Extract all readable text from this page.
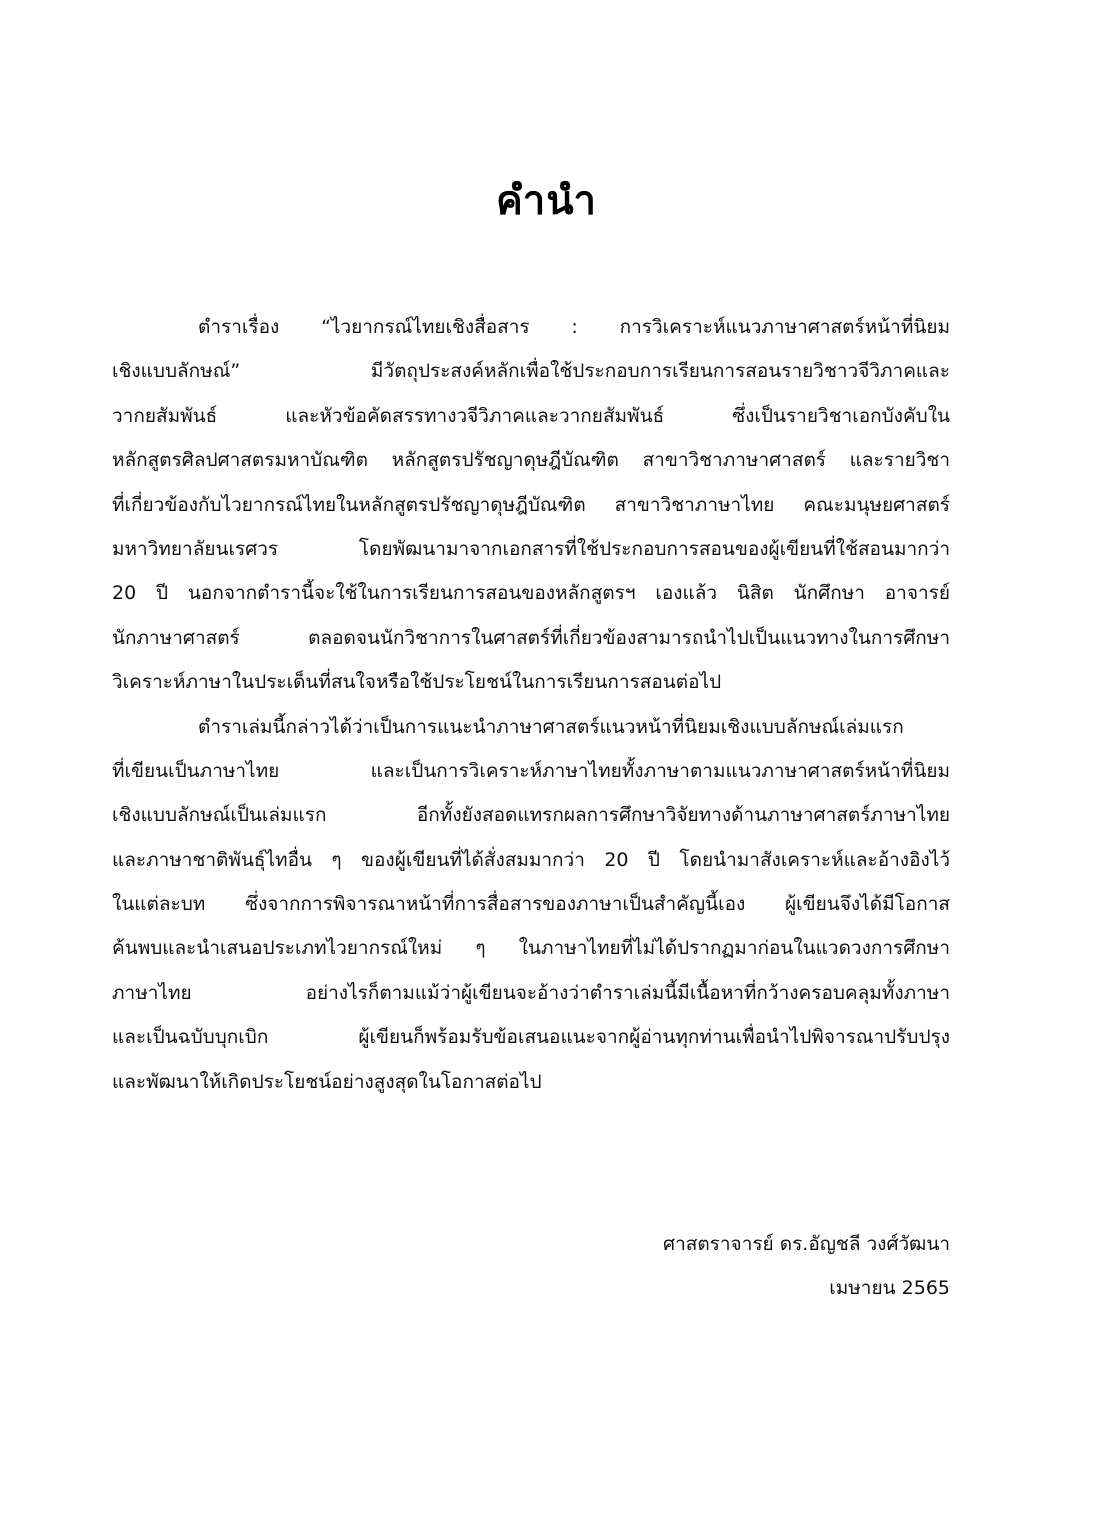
คำนำ
ตำราเรื่อง “ไวยากรณ์ไทยเชิงสื่อสาร : การวิเคราะห์แนวภาษาศาสตร์หน้าที่นิยม
เชิงแบบลักษณ์” มีวัตถุประสงค์หลักเพื่อใช้ประกอบการเรียนการสอนรายวิชาวจีวิภาคและ
วากยสัมพันธ์ และหัวข้อคัดสรรทางวจีวิภาคและวากยสัมพันธ์ ซึ่งเป็นรายวิชาเอกบังคับใน
หลักสูตรศิลปศาสตรมหาบัณฑิต หลักสูตรปรัชญาดุษฎีบัณฑิต สาขาวิชาภาษาศาสตร์ และรายวิชา
ที่เกี่ยวข้องกับไวยากรณ์ไทยในหลักสูตรปรัชญาดุษฎีบัณฑิต สาขาวิชาภาษาไทย คณะมนุษยศาสตร์
มหาวิทยาลัยนเรศวร โดยพัฒนามาจากเอกสารที่ใช้ประกอบการสอนของผู้เขียนที่ใช้สอนมากว่า
20 ปี นอกจากตำรานี้จะใช้ในการเรียนการสอนของหลักสูตรฯ เองแล้ว นิสิต นักศึกษา อาจารย์
นักภาษาศาสตร์ ตลอดจนนักวิชาการในศาสตร์ที่เกี่ยวข้องสามารถนำไปเป็นแนวทางในการศึกษา
วิเคราะห์ภาษาในประเด็นที่สนใจหรือใช้ประโยชน์ในการเรียนการสอนต่อไป
ตำราเล่มนี้กล่าวได้ว่าเป็นการแนะนำภาษาศาสตร์แนวหน้าที่นิยมเชิงแบบลักษณ์เล่มแรก
ที่เขียนเป็นภาษาไทย และเป็นการวิเคราะห์ภาษาไทยทั้งภาษาตามแนวภาษาศาสตร์หน้าที่นิยม
เชิงแบบลักษณ์เป็นเล่มแรก อีกทั้งยังสอดแทรกผลการศึกษาวิจัยทางด้านภาษาศาสตร์ภาษาไทย
และภาษาชาติพันธุ์ไทอื่น ๆ ของผู้เขียนที่ได้สั่งสมมากว่า 20 ปี โดยนำมาสังเคราะห์และอ้างอิงไว้
ในแต่ละบท ซึ่งจากการพิจารณาหน้าที่การสื่อสารของภาษาเป็นสำคัญนี้เอง ผู้เขียนจึงได้มีโอกาส
ค้นพบและนำเสนอประเภทไวยากรณ์ใหม่ ๆ ในภาษาไทยที่ไม่ได้ปรากฏมาก่อนในแวดวงการศึกษา
ภาษาไทย อย่างไรก็ตามแม้ว่าผู้เขียนจะอ้างว่าตำราเล่มนี้มีเนื้อหาที่กว้างครอบคลุมทั้งภาษา
และเป็นฉบับบุกเบิก ผู้เขียนก็พร้อมรับข้อเสนอแนะจากผู้อ่านทุกท่านเพื่อนำไปพิจารณาปรับปรุง
และพัฒนาให้เกิดประโยชน์อย่างสูงสุดในโอกาสต่อไป
ศาสตราจารย์ ดร.อัญชลี วงศ์วัฒนา
เมษายน 2565
